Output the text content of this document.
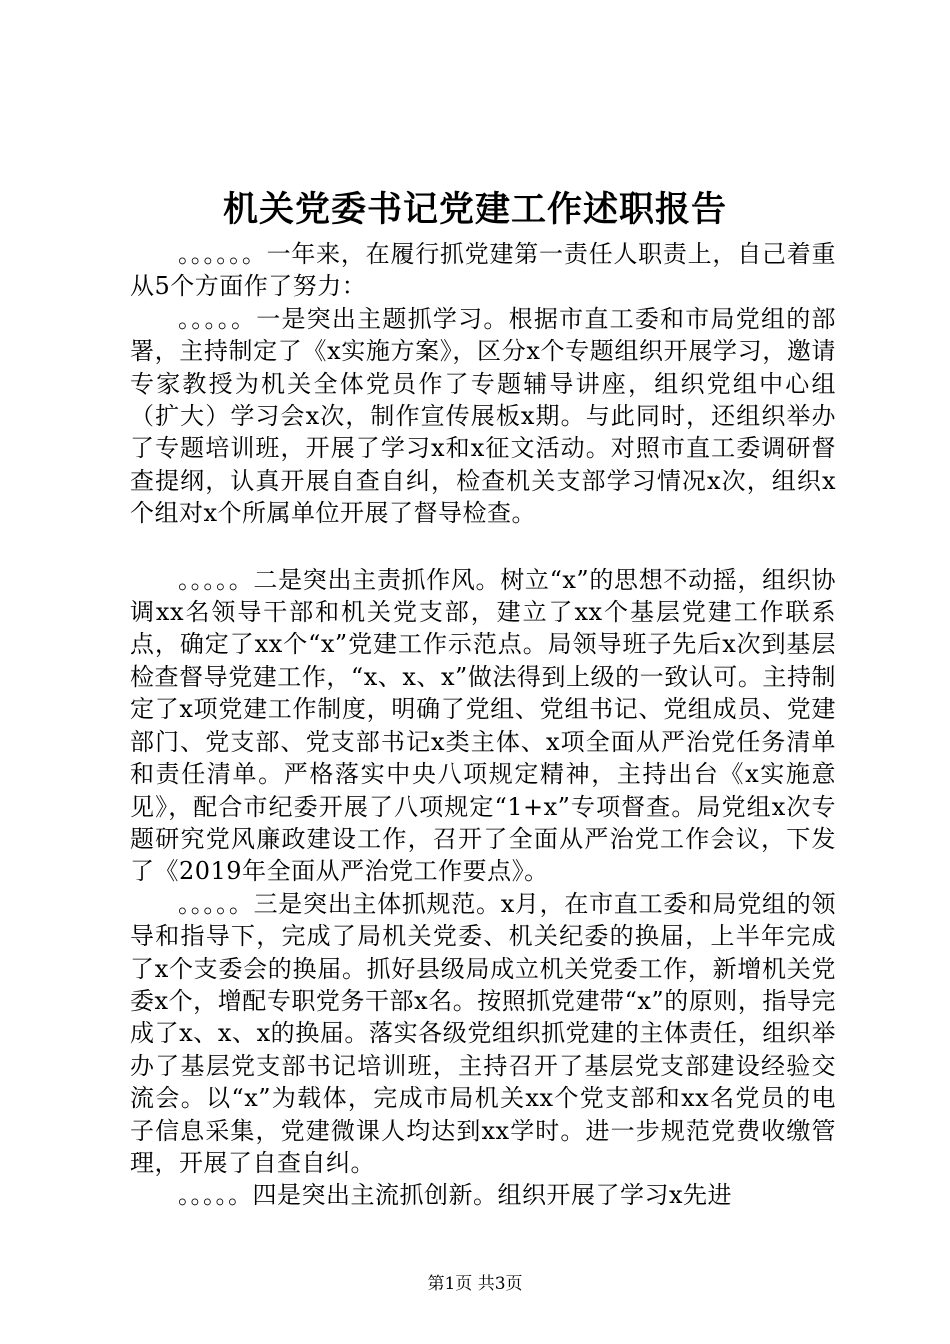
机关党委书记党建工作述职报告

。。。。。。一年来，在履行抓党建第一责任人职责上，自己着重从5个方面作了努力：

。。。。。一是突出主题抓学习。根据市直工委和市局党组的部署，主持制定了《x实施方案》，区分x个专题组织开展学习，邀请专家教授为机关全体党员作了专题辅导讲座，组织党组中心组（扩大）学习会x次，制作宣传展板x期。与此同时，还组织举办了专题培训班，开展了学习x和x征文活动。对照市直工委调研督查提纲，认真开展自查自纠，检查机关支部学习情况x次，组织x个组对x个所属单位开展了督导检查。

。。。。。二是突出主责抓作风。树立“x”的思想不动摇，组织协调xx名领导干部和机关党支部，建立了xx个基层党建工作联系点，确定了xx个“x”党建工作示范点。局领导班子先后x次到基层检查督导党建工作，“x、x、x”做法得到上级的一致认可。主持制定了x项党建工作制度，明确了党组、党组书记、党组成员、党建部门、党支部、党支部书记x类主体、x项全面从严治党任务清单和责任清单。严格落实中央八项规定精神，主持出台《x实施意见》，配合市纪委开展了八项规定“1+x”专项督查。局党组x次专题研究党风廉政建设工作，召开了全面从严治党工作会议，下发了《2019年全面从严治党工作要点》。

。。。。。三是突出主体抓规范。x月，在市直工委和局党组的领导和指导下，完成了局机关党委、机关纪委的换届，上半年完成了x个支委会的换届。抓好县级局成立机关党委工作，新增机关党委x个，增配专职党务干部x名。按照抓党建带“x”的原则，指导完成了x、x、x的换届。落实各级党组织抓党建的主体责任，组织举办了基层党支部书记培训班，主持召开了基层党支部建设经验交流会。以“x”为载体，完成市局机关xx个党支部和xx名党员的电子信息采集，党建微课人均达到xx学时。进一步规范党费收缴管理，开展了自查自纠。

。。。。。四是突出主流抓创新。组织开展了学习x先进

第1页 共3页
